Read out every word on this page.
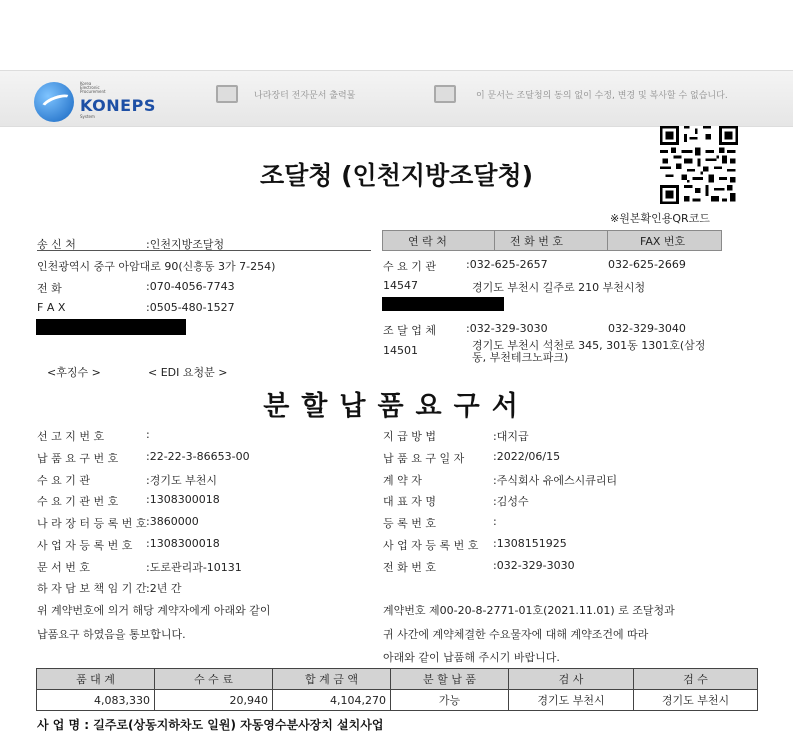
Korea
Electronic
Procurement
System
KONEPS	나라장터 전자문서 출력물	이 문서는 조달청의 동의 없이 수정, 변경 및 복사할 수 없습니다.
※원본확인용QR코드
조달청 (인천지방조달청)
연 락 처	전 화 번 호	FAX 번호
송 신 처	:인천지방조달청
인천광역시 중구 아암대로 90(신흥동 3가 7-254)
전 화	:070-4056-7743
F A X	:0505-480-1527
수 요 기 관	:032-625-2657	032-625-2669
14547	경기도 부천시 길주로 210 부천시청
조 달 업 체	:032-329-3030	032-329-3040
14501	경기도 부천시 석천로 345, 301동 1301호(삼정
동, 부천테크노파크)
<후징수 >	< EDI 요청분 >
분할납품요구서
선 고 지 번 호	:
납 품 요 구 번 호	:22-22-3-86653-00
수 요 기 관	:경기도 부천시
수 요 기 관 번 호	:1308300018
나 라 장 터 등 록 번 호 :3860000
사 업 자 등 록 번 호 :1308300018
문 서 번 호	:도로관리과-10131
하 자 담 보 책 임 기 간 :2년 간
지 급 방 법	:대지급
납 품 요 구 일 자	:2022/06/15
계 약 자	:주식회사 유에스시큐리티
대 표 자 명	:김성수
등 록 번 호	:
사 업 자 등 록 번 호 :1308151925
전 화 번 호	:032-329-3030
위 계약번호에 의거 해당 계약자에게 아래와 같이
납품요구 하였음을 통보합니다.
계약번호 제00-20-8-2771-01호(2021.11.01) 로 조달청과
귀 사간에 계약체결한 수요물자에 대해 계약조건에 따라
아래와 같이 납품해 주시기 바랍니다.
품 대 계	수 수 료	합 계 금 액	분 할 납 품	검 사	검 수
4,083,330	20,940	4,104,270	가능	경기도 부천시	경기도 부천시
사 업 명 : 길주로(상동지하차도 일원) 자동영수분사장치 설치사업
